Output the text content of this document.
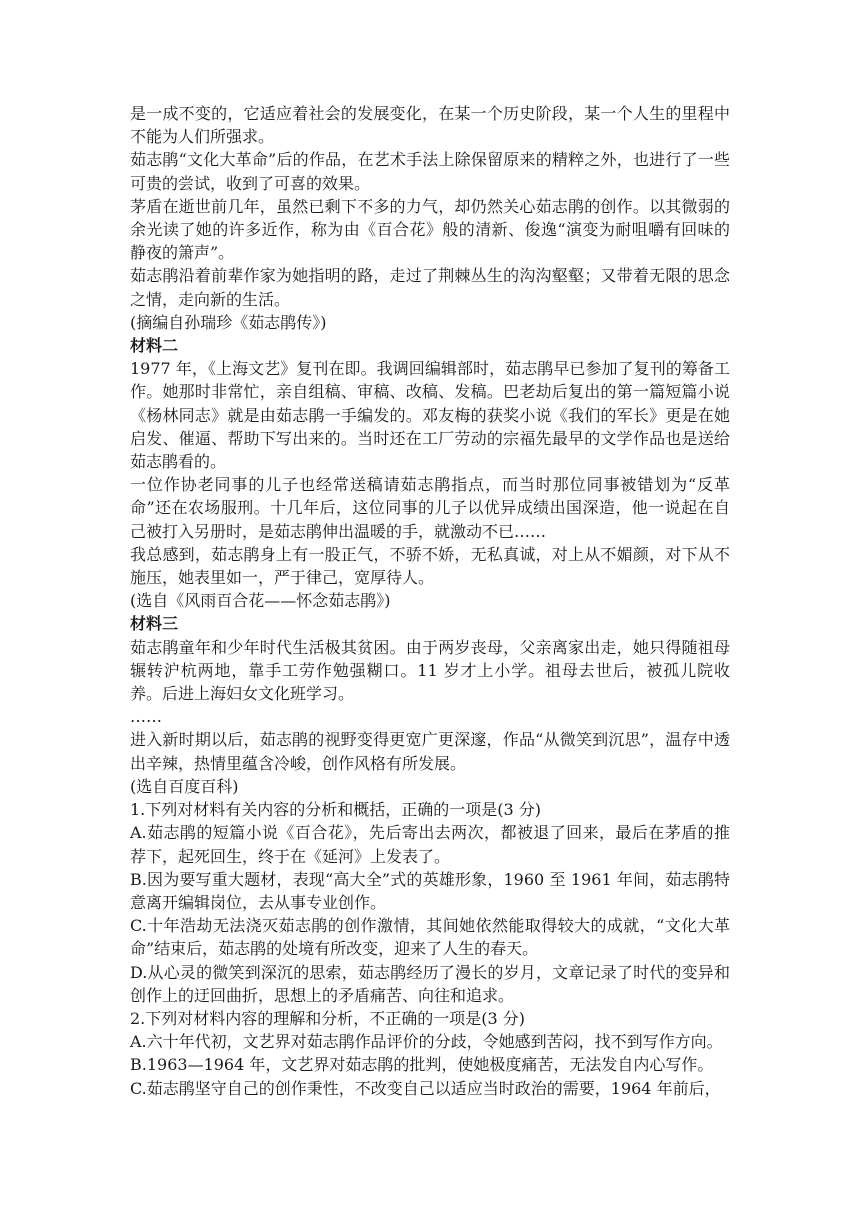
是一成不变的，它适应着社会的发展变化，在某一个历史阶段，某一个人生的里程中不能为人们所强求。

茹志鹃“文化大革命”后的作品，在艺术手法上除保留原来的精粹之外，也进行了一些可贵的尝试，收到了可喜的效果。

茅盾在逝世前几年，虽然已剩下不多的力气，却仍然关心茹志鹃的创作。以其微弱的余光读了她的许多近作，称为由《百合花》般的清新、俊逸“演变为耐咀嚼有回味的静夜的箫声”。

茹志鹃沿着前辈作家为她指明的路，走过了荆棘丛生的沟沟壑壑；又带着无限的思念之情，走向新的生活。

(摘编自孙瑞珍《茹志鹃传》)

材料二

1977 年，《上海文艺》复刊在即。我调回编辑部时，茹志鹃早已参加了复刊的筹备工作。她那时非常忙，亲自组稿、审稿、改稿、发稿。巴老劫后复出的第一篇短篇小说《杨林同志》就是由茹志鹃一手编发的。邓友梅的获奖小说《我们的军长》更是在她启发、催逼、帮助下写出来的。当时还在工厂劳动的宗福先最早的文学作品也是送给茹志鹃看的。

一位作协老同事的儿子也经常送稿请茹志鹃指点，而当时那位同事被错划为“反革命”还在农场服刑。十几年后，这位同事的儿子以优异成绩出国深造，他一说起在自己被打入另册时，是茹志鹃伸出温暖的手，就激动不已……

我总感到，茹志鹃身上有一股正气，不骄不娇，无私真诚，对上从不媚颜，对下从不施压，她表里如一，严于律己，宽厚待人。

(选自《风雨百合花——怀念茹志鹃》)

材料三

茹志鹃童年和少年时代生活极其贫困。由于两岁丧母，父亲离家出走，她只得随祖母辗转沪杭两地，靠手工劳作勉强糊口。11 岁才上小学。祖母去世后，被孤儿院收养。后进上海妇女文化班学习。

……

进入新时期以后，茹志鹃的视野变得更宽广更深邃，作品“从微笑到沉思”，温存中透出辛辣，热情里蕴含冷峻，创作风格有所发展。

(选自百度百科)

1.下列对材料有关内容的分析和概括，正确的一项是(3 分)

A.茹志鹃的短篇小说《百合花》，先后寄出去两次，都被退了回来，最后在茅盾的推荐下，起死回生，终于在《延河》上发表了。

B.因为要写重大题材，表现“高大全”式的英雄形象，1960 至 1961 年间，茹志鹃特意离开编辑岗位，去从事专业创作。

C.十年浩劫无法浇灭茹志鹃的创作激情，其间她依然能取得较大的成就，“文化大革命”结束后，茹志鹃的处境有所改变，迎来了人生的春天。

D.从心灵的微笑到深沉的思索，茹志鹃经历了漫长的岁月，文章记录了时代的变异和创作上的迂回曲折，思想上的矛盾痛苦、向往和追求。

2.下列对材料内容的理解和分析，不正确的一项是(3 分)

A.六十年代初，文艺界对茹志鹃作品评价的分歧，令她感到苦闷，找不到写作方向。

B.1963—1964 年，文艺界对茹志鹃的批判，使她极度痛苦，无法发自内心写作。

C.茹志鹃坚守自己的创作秉性，不改变自己以适应当时政治的需要，1964 年前后，
